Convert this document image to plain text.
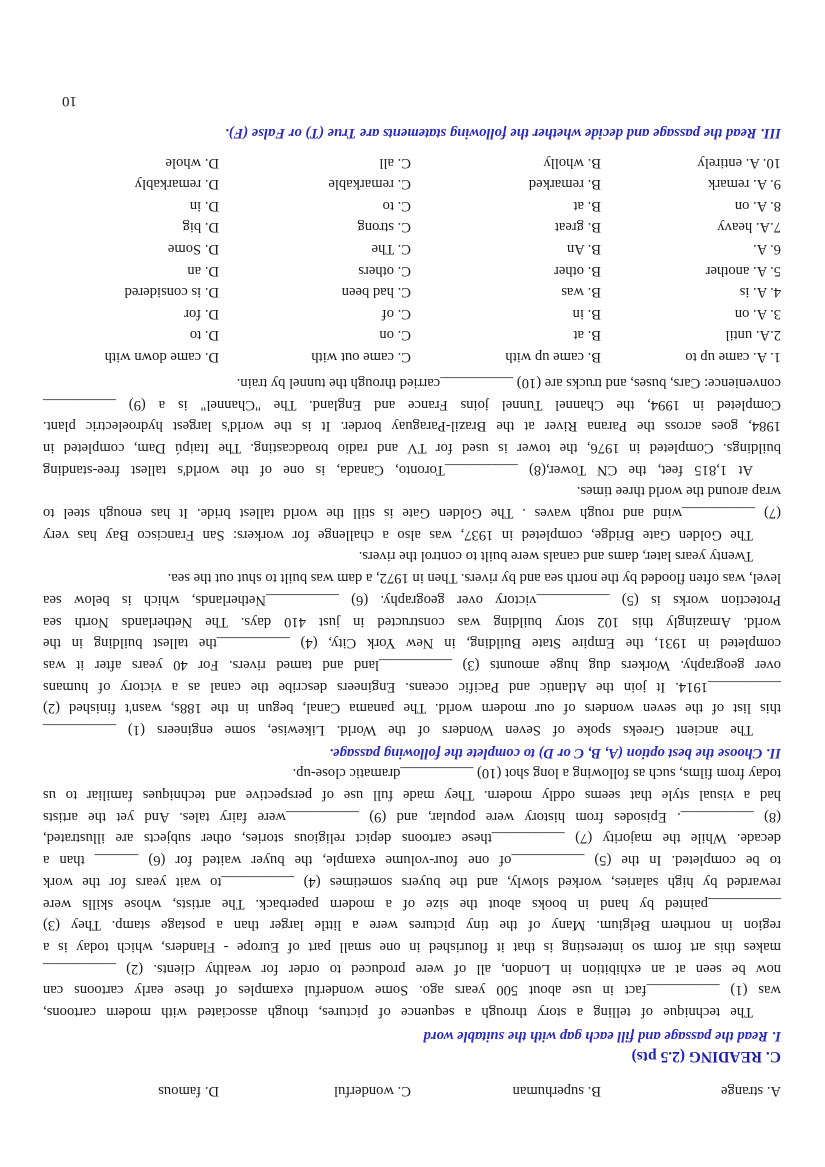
A. strange
B. superhuman
C. wonderful
D. famous
C. READING (2.5 pts)
I. Read the passage and fill each gap with the suitable word
The technique of telling a story through a sequence of pictures, though associated with modern cartoons,
was (1) __________fact in use about 500 years ago. Some wonderful examples of these early cartoons can
now be seen at an exhibition in London, all of were produced to order for wealthy clients. (2) __________
makes this art form so interesting is that it flourished in one small part of Europe - Flanders, which today is a
region in northern Belgium. Many of the tiny pictures were a little larger than a postage stamp. They (3)
__________painted by hand in books about the size of a modern paperback. The artists, whose skills were
rewarded by high salaries, worked slowly, and the buyers sometimes (4) __________to wait years for the work
to be completed. In the (5) __________of one four-volume example, the buyer waited for (6) ______ than a
decade. While the majority (7) __________these cartoons depict religious stories, other subjects are illustrated,
(8) __________. Episodes from history were popular, and (9) __________were fairy tales. And yet the artists
had a visual style that seems oddly modern. They made full use of perspective and techniques familiar to us
today from films, such as following a long shot (10) __________dramatic close-up.
II. Choose the best option (A, B, C or D) to complete the following passage.
The ancient Greeks spoke of Seven Wonders of the World. Likewise, some engineers (1) __________
this list of the seven wonders of our modern world. The panama Canal, begun in the 188s, wasn't finished (2)
__________1914. It join the Atlantic and Pacific oceans. Engineers describe the canal as a victory of humans
over geography. Workers dug huge amounts (3) __________land and tamed rivers. For 40 years after it was
completed in 1931, the Empire State Building, in New York City, (4) __________the tallest building in the
world. Amazingly this 102 story building was constructed in just 410 days. The Netherlands North sea
Protection works is (5) __________victory over geography. (6) __________Netherlands, which is below sea
level, was often flooded by the north sea and by rivers. Then in 1972, a dam was built to shut out the sea.
Twenty years later, dams and canals were built to control the rivers.
The Golden Gate Bridge, completed in 1937, was also a challenge for workers: San Francisco Bay has very
(7) __________wind and rough waves . The Golden Gate is still the world tallest bride. It has enough steel to
wrap around the world three times.
At 1,815 feet, the CN Tower,(8) __________Toronto, Canada, is one of the world's tallest free-standing
buildings. Completed in 1976, the tower is used for TV and radio broadcasting. The Itaipú Dam, completed in
1984, goes across the Parana River at the Brazil-Paraguay border. It is the world's largest hydroelectric plant.
Completed in 1994, the Channel Tunnel joins France and England. The "Channel" is a (9) __________
convenience: Cars, buses, and trucks are (10) __________carried through the tunnel by train.
1. A. came up to
B. came up with
C. came out with
D. came down with
2.A. until
B. at
C. on
D. to
3. A. on
B. in
C. of
D. for
4. A. is
B. was
C. had been
D. is considered
5. A. another
B. other
C. others
D. an
6. A.
B. An
C. The
D. Some
7.A. heavy
B. great
C. strong
D. big
8. A. on
B. at
C. to
D. in
9. A. remark
B. remarked
C. remarkable
D. remarkably
10. A. entirely
B. wholly
C. all
D. whole
III. Read the passage and decide whether the following statements are True (T) or False (F).
10
